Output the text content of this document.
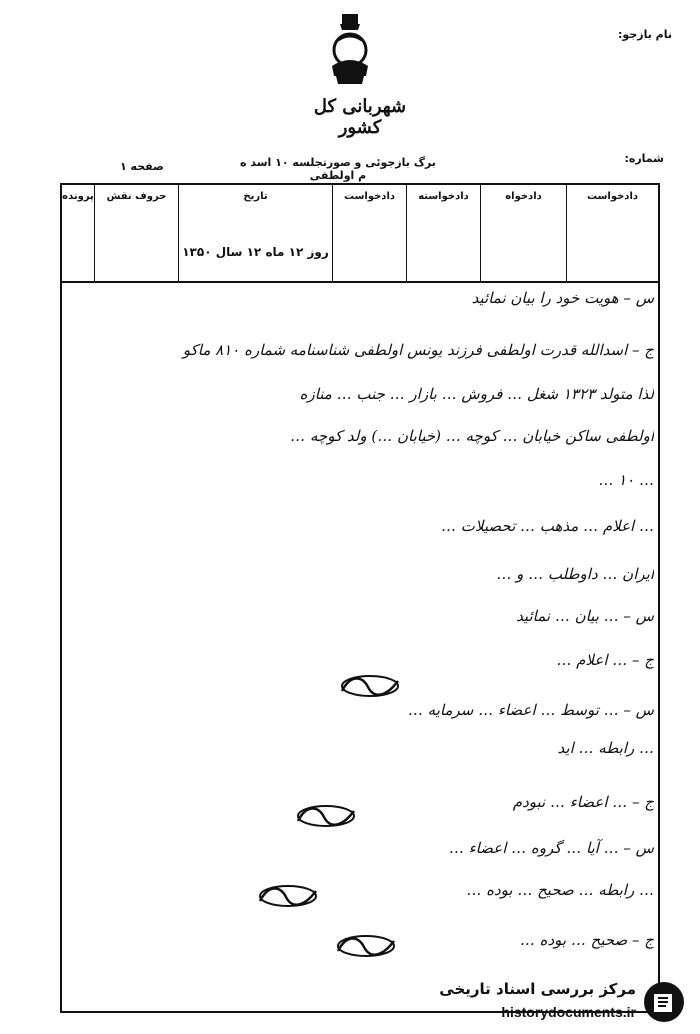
نام بازجو:
شهربانی کل کشور
شماره:
برگ بازجوئی و صورتجلسه ۱۰ اسد ه م اولطفی
صفحه ۱
دادخواست
دادخواه
دادخواسته
دادخواست
تاریخ
روز ۱۲ ماه ۱۲ سال ۱۳۵۰
حروف نقش
پرونده
س – هویت خود را بیان نمائید
ج – اسدالله قدرت اولطفی فرزند یونس اولطفی شناسنامه شماره ۸۱۰ ماکو
لذا متولد ۱۳۲۳ شغل … فروش … بازار … جنب … منازه
اولطفی ساکن خیابان … کوچه … (خیابان …) ولد کوچه …
… ۱۰ …
… اعلام … مذهب … تحصیلات …
ایران … داوطلب … و …
س – … بیان … نمائید
ج – … اعلام …
س – … توسط … اعضاء … سرمایه …
… رابطه … اید
ج – … اعضاء … نبودم
س – … آیا … گروه … اعضاء …
… رابطه … صحیح … بوده …
ج – صحیح … بوده …
مرکز بررسی اسناد تاریخی
historydocuments.ir
